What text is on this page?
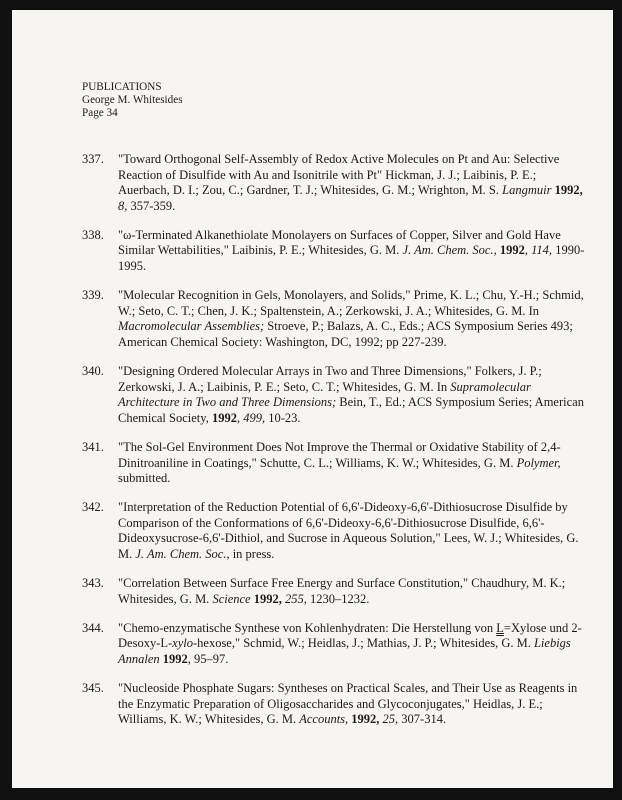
PUBLICATIONS
George M. Whitesides
Page 34
337.	"Toward Orthogonal Self-Assembly of Redox Active Molecules on Pt and Au: Selective Reaction of Disulfide with Au and Isonitrile with Pt" Hickman, J. J.; Laibinis, P. E.; Auerbach, D. I.; Zou, C.; Gardner, T. J.; Whitesides, G. M.; Wrighton, M. S. Langmuir 1992, 8, 357-359.
338.	"ω-Terminated Alkanethiolate Monolayers on Surfaces of Copper, Silver and Gold Have Similar Wettabilities," Laibinis, P. E.; Whitesides, G. M. J. Am. Chem. Soc., 1992, 114, 1990-1995.
339.	"Molecular Recognition in Gels, Monolayers, and Solids," Prime, K. L.; Chu, Y.-H.; Schmid, W.; Seto, C. T.; Chen, J. K.; Spaltenstein, A.; Zerkowski, J. A.; Whitesides, G. M. In Macromolecular Assemblies; Stroeve, P.; Balazs, A. C., Eds.; ACS Symposium Series 493; American Chemical Society: Washington, DC, 1992; pp 227-239.
340.	"Designing Ordered Molecular Arrays in Two and Three Dimensions," Folkers, J. P.; Zerkowski, J. A.; Laibinis, P. E.; Seto, C. T.; Whitesides, G. M. In Supramolecular Architecture in Two and Three Dimensions; Bein, T., Ed.; ACS Symposium Series; American Chemical Society, 1992, 499, 10-23.
341.	"The Sol-Gel Environment Does Not Improve the Thermal or Oxidative Stability of 2,4-Dinitroaniline in Coatings," Schutte, C. L.; Williams, K. W.; Whitesides, G. M. Polymer, submitted.
342.	"Interpretation of the Reduction Potential of 6,6'-Dideoxy-6,6'-Dithiosucrose Disulfide by Comparison of the Conformations of 6,6'-Dideoxy-6,6'-Dithiosucrose Disulfide, 6,6'-Dideoxysucrose-6,6'-Dithiol, and Sucrose in Aqueous Solution," Lees, W. J.; Whitesides, G. M. J. Am. Chem. Soc., in press.
343.	"Correlation Between Surface Free Energy and Surface Constitution," Chaudhury, M. K.; Whitesides, G. M. Science 1992, 255, 1230–1232.
344.	"Chemo-enzymatische Synthese von Kohlenhydraten: Die Herstellung von L=Xylose und 2-Desoxy-L-xylo-hexose," Schmid, W.; Heidlas, J.; Mathias, J. P.; Whitesides, G. M. Liebigs Annalen 1992, 95–97.
345.	"Nucleoside Phosphate Sugars: Syntheses on Practical Scales, and Their Use as Reagents in the Enzymatic Preparation of Oligosaccharides and Glycoconjugates," Heidlas, J. E.; Williams, K. W.; Whitesides, G. M. Accounts, 1992, 25, 307-314.
